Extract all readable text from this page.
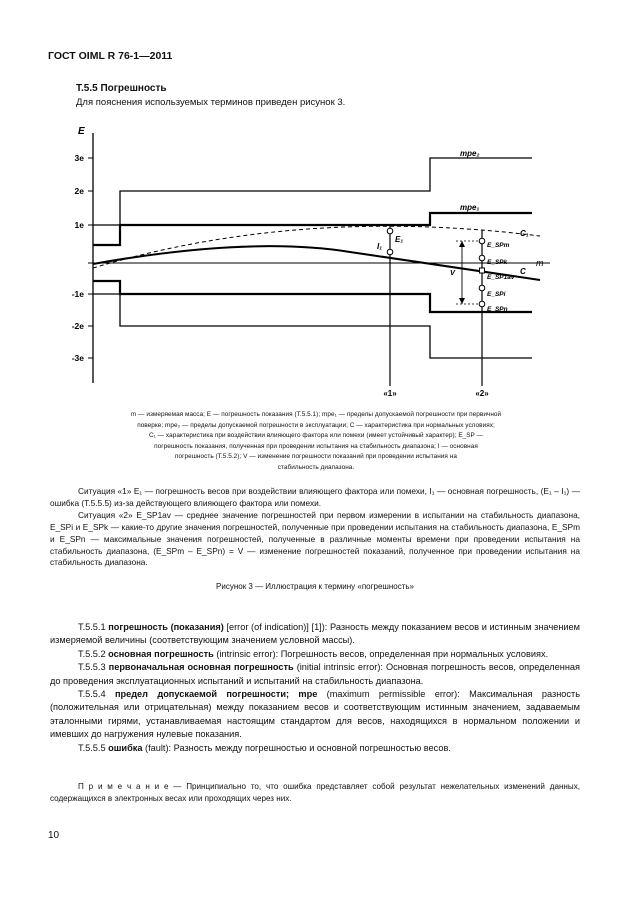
ГОСТ OIML R 76-1—2011
Т.5.5 Погрешность
Для пояснения используемых терминов приведен рисунок 3.
E
m
3e
2e
1e
-1e
-2e
-3e
mpe₂
mpe₁
C₁
C
E₁
I₁
V
E_SPm
E_SPk
E_SP1av
E_SPi
E_SPn
«1»	«2»
m — измеряемая масса; E — погрешность показания (Т.5.5.1); mpe₁ — пределы допускаемой погрешности при первичной
поверке; mpe₂ — пределы допускаемой погрешности в эксплуатации; C — характеристика при нормальных условиях;
C₁ — характеристика при воздействии влияющего фактора или помехи (имеет устойчивый характер); E_SP —
погрешность показания, полученная при проведении испытания на стабильность диапазона; I — основная
погрешность (Т.5.5.2); V — изменение погрешности показаний при проведении испытания на
стабильность диапазона.

Ситуация «1» E₁ — погрешность весов при воздействии влияющего фактора или помехи, I₁ — основная погрешность, (E₁ – I₁) — ошибка (Т.5.5.5) из-за действующего влияющего фактора или помехи.

Ситуация «2» E_SP1av — среднее значение погрешностей при первом измерении в испытании на стабильность диапазона, E_SPi и E_SPk — какие-то другие значения погрешностей, полученные при проведении испытания на стабильность диапазона, E_SPm и E_SPn — максимальные значения погрешностей, полученные в различные моменты времени при проведении испытания на стабильность диапазона, (E_SPm – E_SPn) = V — изменение погрешностей показаний, полученное при проведении испытания на стабильность диапазона.

Рисунок 3 — Иллюстрация к термину «погрешность»

Т.5.5.1 погрешность (показания) [error (of indication)] [1]): Разность между показанием весов и истинным значением измеряемой величины (соответствующим значением условной массы).

Т.5.5.2 основная погрешность (intrinsic error): Погрешность весов, определенная при нормальных условиях.

Т.5.5.3 первоначальная основная погрешность (initial intrinsic error): Основная погрешность весов, определенная до проведения эксплуатационных испытаний и испытаний на стабильность диапазона.

Т.5.5.4 предел допускаемой погрешности; mpe (maximum permissible error): Максимальная разность (положительная или отрицательная) между показанием весов и соответствующим истинным значением, задаваемым эталонными гирями, устанавливаемая настоящим стандартом для весов, находящихся в нормальном положении и имевших до нагружения нулевые показания.

Т.5.5.5 ошибка (fault): Разность между погрешностью и основной погрешностью весов.

П р и м е ч а н и е — Принципиально то, что ошибка представляет собой результат нежелательных изменений данных, содержащихся в электронных весах или проходящих через них.

10
